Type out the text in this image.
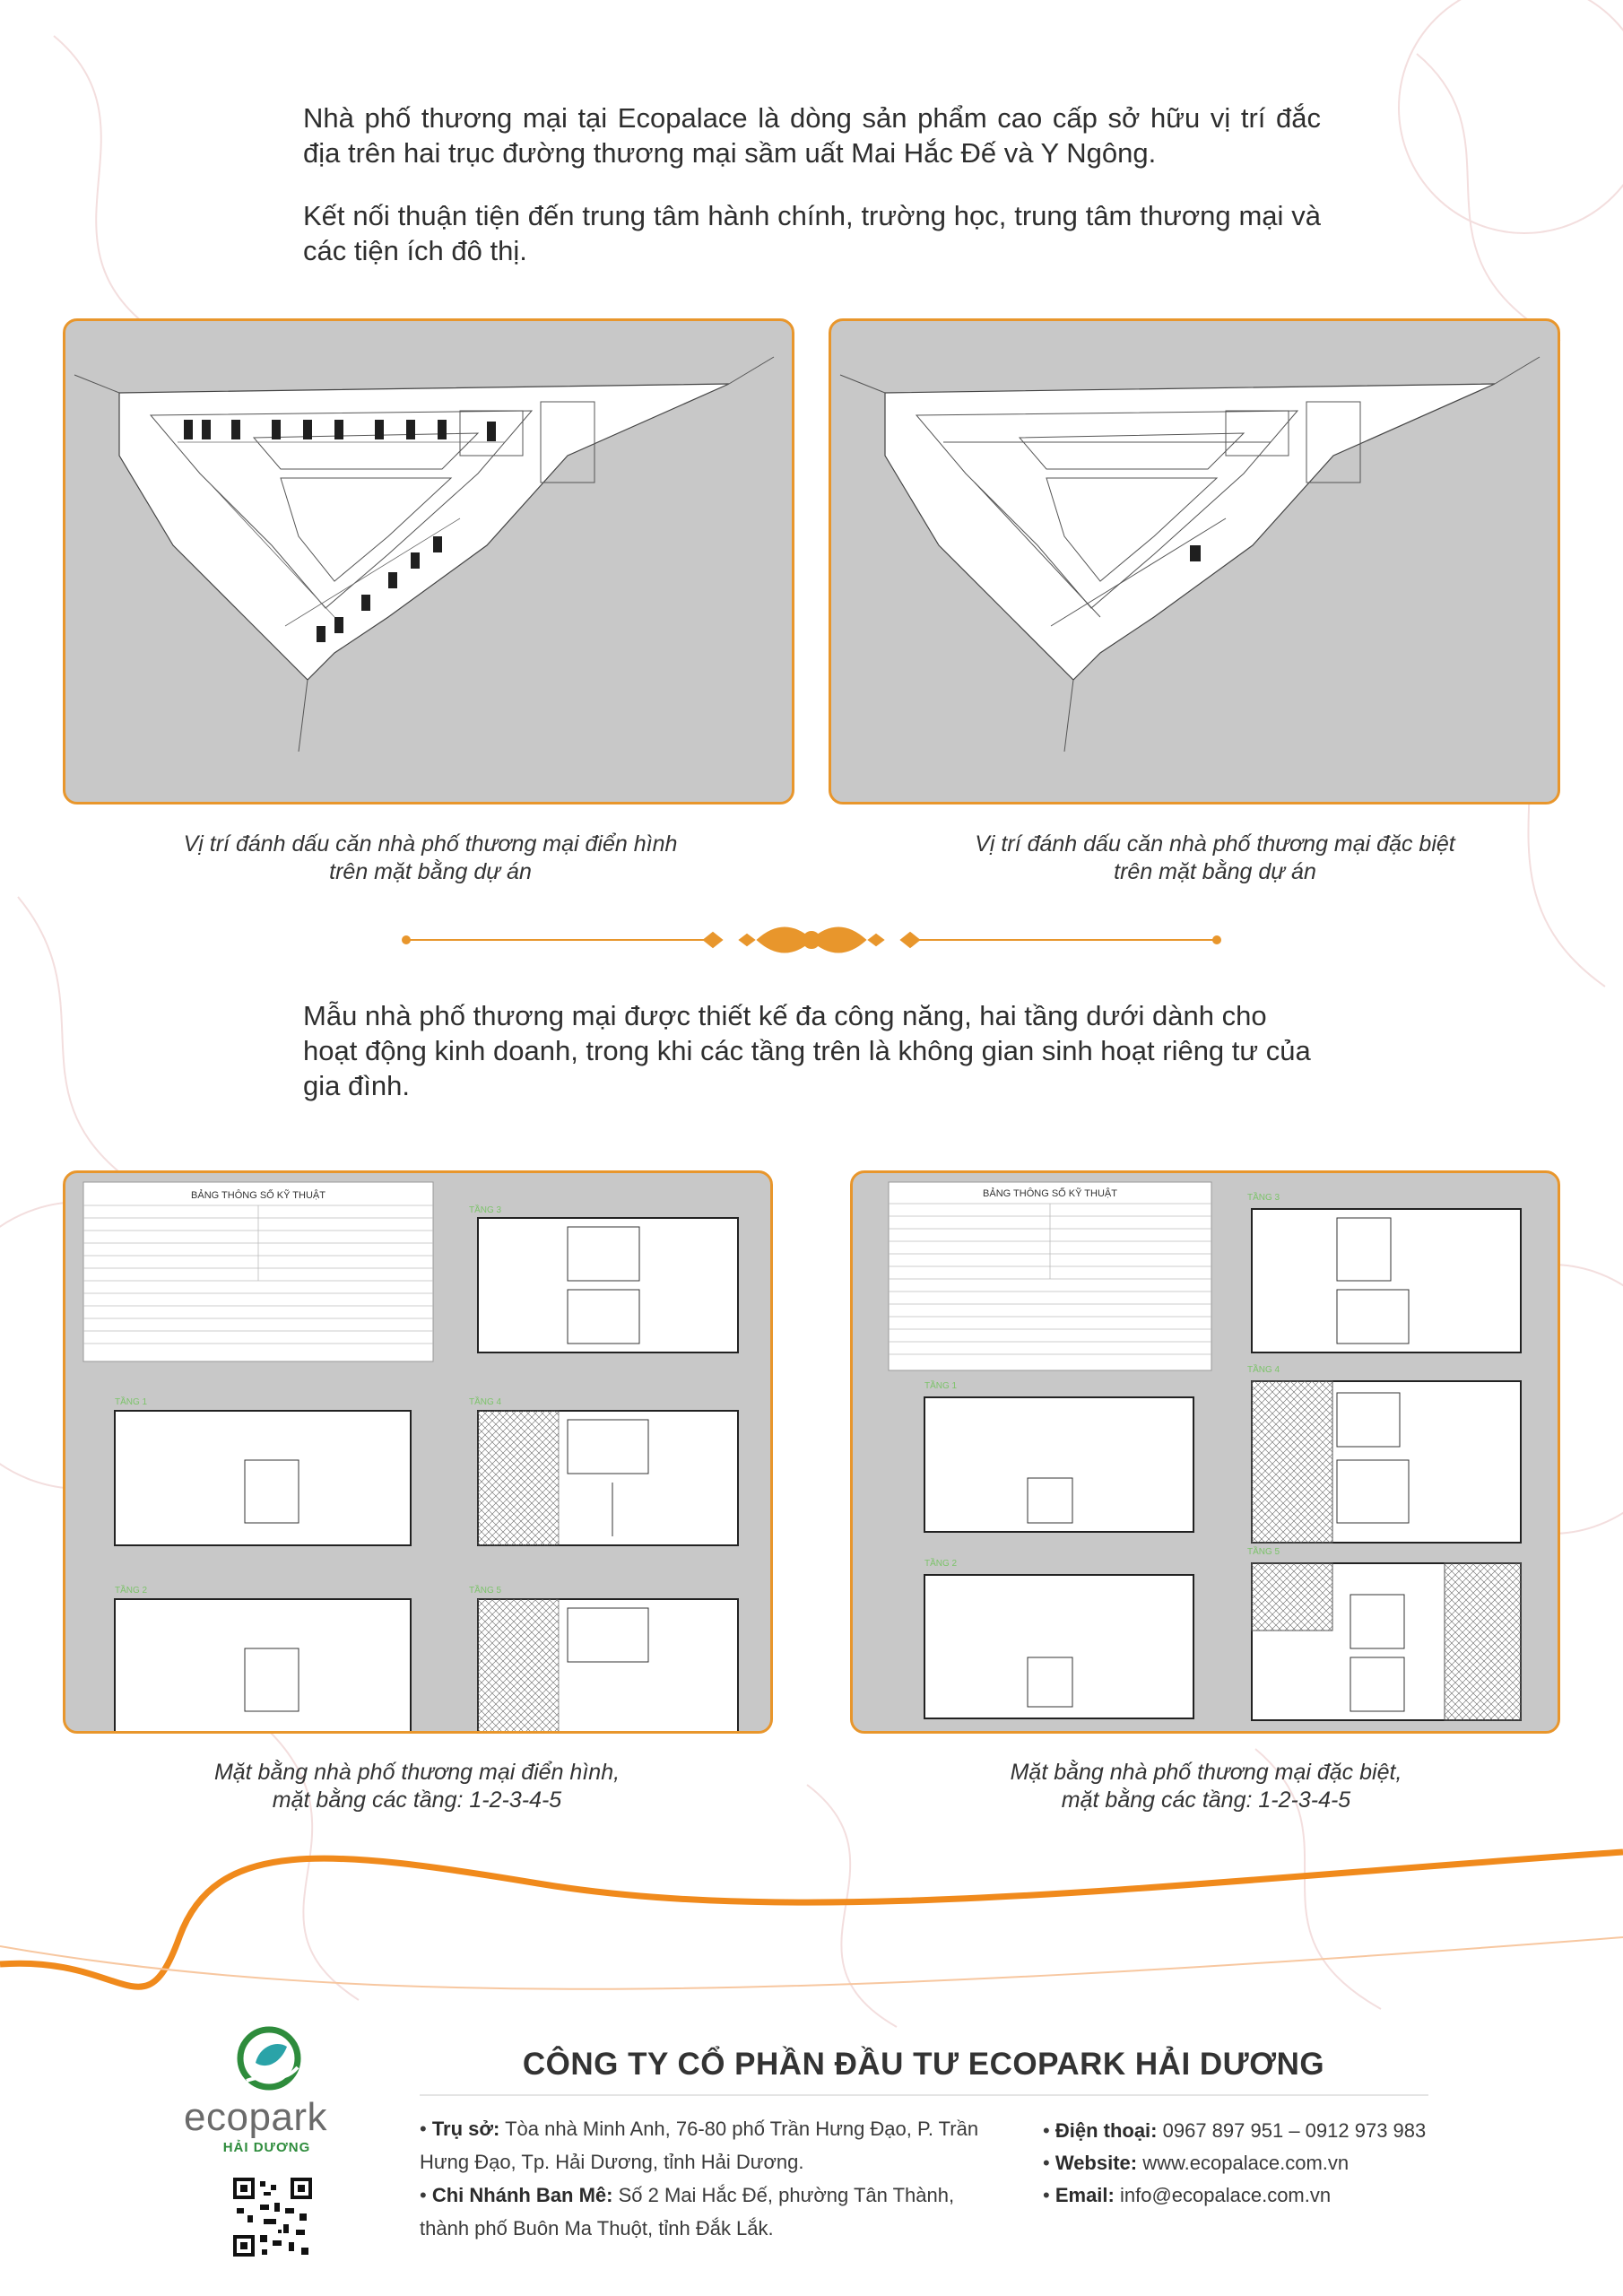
Nhà phố thương mại tại Ecopalace là dòng sản phẩm cao cấp sở hữu vị trí đắc địa trên hai trục đường thương mại sầm uất Mai Hắc Đế và Y Ngông.
Kết nối thuận tiện đến trung tâm hành chính, trường học, trung tâm thương mại và các tiện ích đô thị.
Vị trí đánh dấu căn nhà phố thương mại điển hình
trên mặt bằng dự án
Vị trí đánh dấu căn nhà phố thương mại đặc biệt
trên mặt bằng dự án
Mẫu nhà phố thương mại được thiết kế đa công năng, hai tầng dưới dành cho hoạt động kinh doanh, trong khi các tầng trên là không gian sinh hoạt riêng tư của gia đình.
BẢNG THÔNG SỐ KỸ THUẬT
TẦNG 3
TẦNG 1	TẦNG 4
TẦNG 2	TẦNG 5
BẢNG THÔNG SỐ KỸ THUẬT	TẦNG 3
TẦNG 1
TẦNG 4
TẦNG 2
TẦNG 5
Mặt bằng nhà phố thương mại điển hình,
mặt bằng các tầng: 1-2-3-4-5
Mặt bằng nhà phố thương mại đặc biệt,
mặt bằng các tầng: 1-2-3-4-5
ecopark
HẢI DƯƠNG
CÔNG TY CỔ PHẦN ĐẦU TƯ ECOPARK HẢI DƯƠNG
• Trụ sở: Tòa nhà Minh Anh, 76-80 phố Trần Hưng Đạo, P. Trần
Hưng Đạo, Tp. Hải Dương, tỉnh Hải Dương.
• Chi Nhánh Ban Mê: Số 2 Mai Hắc Đế, phường Tân Thành,
thành phố Buôn Ma Thuột, tỉnh Đắk Lắk.
• Điện thoại: 0967 897 951 – 0912 973 983
• Website: www.ecopalace.com.vn
• Email: info@ecopalace.com.vn
